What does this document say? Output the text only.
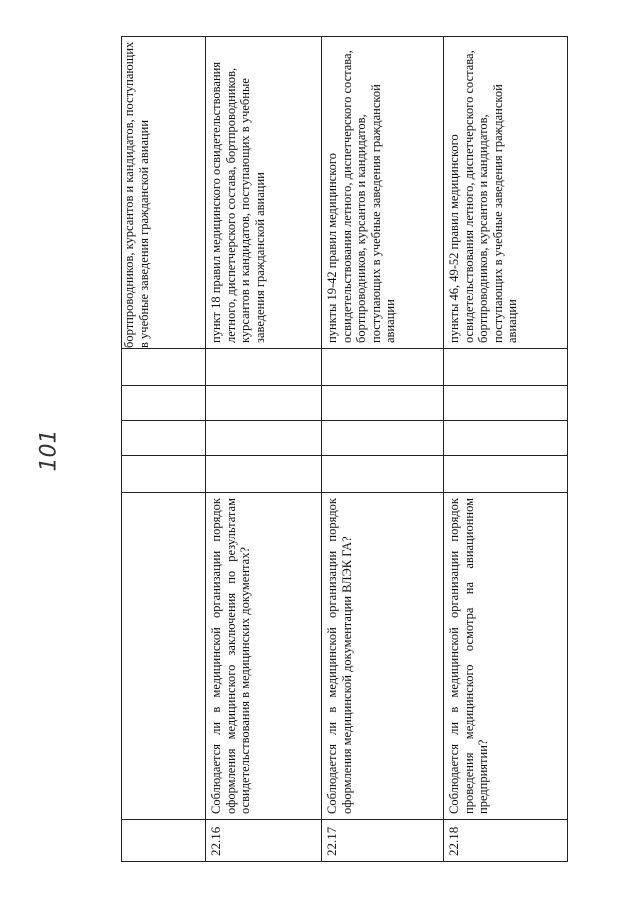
101
						бортпроводников, курсантов и кандидатов, поступающих в учебные заведения гражданской авиации
22.16	Соблюдается ли в медицинской организации порядок оформления медицинского заключения по результатам освидетельствования в медицинских документах?					пункт 18 правил медицинского освидетельствования летного, диспетчерского состава, бортпроводников, курсантов и кандидатов, поступающих в учебные заведения гражданской авиации
22.17	Соблюдается ли в медицинской организации порядок оформления медицинской документации ВЛЭК ГА?					пункты 19-42 правил медицинского освидетельствования летного, диспетчерского состава, бортпроводников, курсантов и кандидатов, поступающих в учебные заведения гражданской авиации
22.18	Соблюдается ли в медицинской организации порядок проведения медицинского осмотра на авиационном предприятии?					пункты 46, 49-52 правил медицинского освидетельствования летного, диспетчерского состава, бортпроводников, курсантов и кандидатов, поступающих в учебные заведения гражданской авиации
